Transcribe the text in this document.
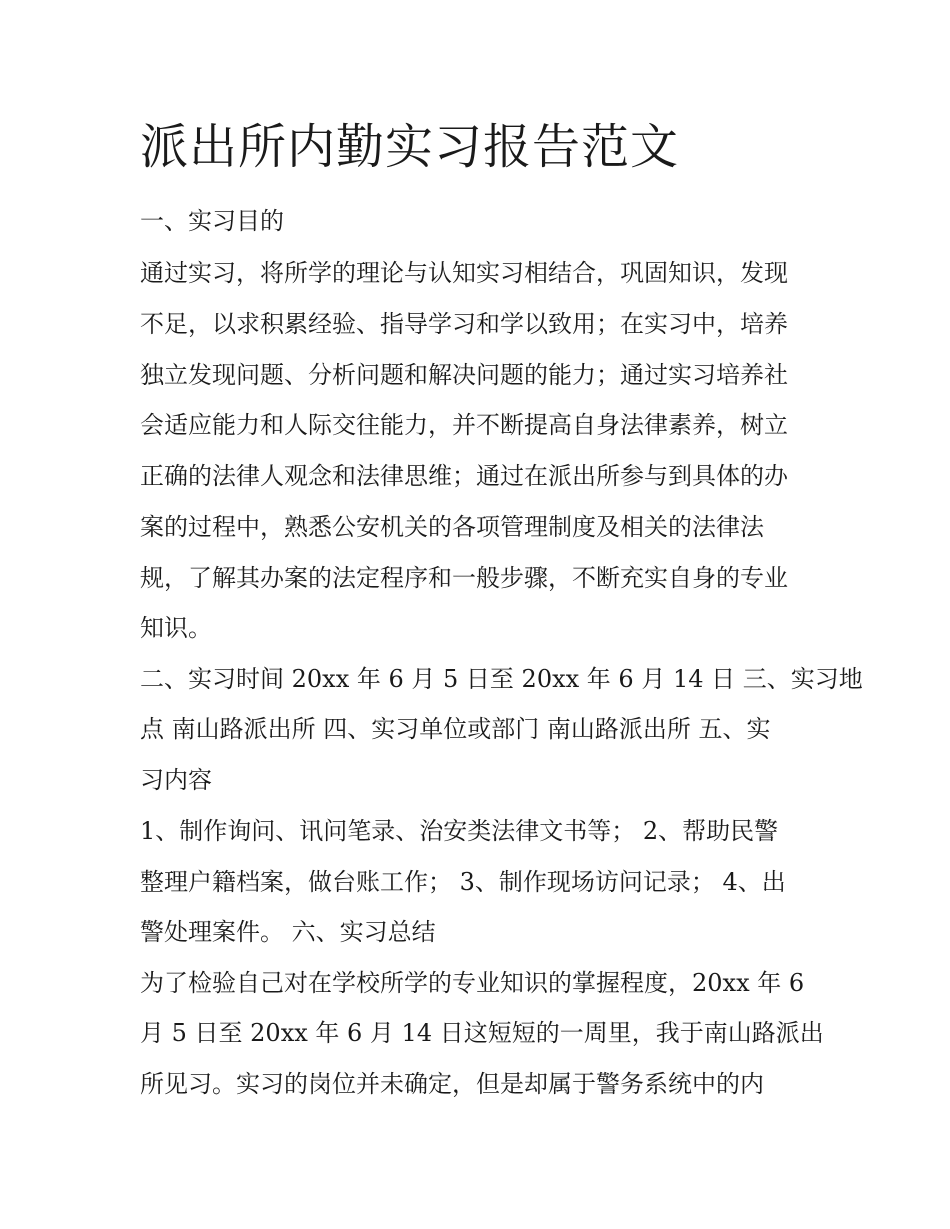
派出所内勤实习报告范文

一、实习目的

通过实习，将所学的理论与认知实习相结合，巩固知识，发现

不足，以求积累经验、指导学习和学以致用；在实习中，培养

独立发现问题、分析问题和解决问题的能力；通过实习培养社

会适应能力和人际交往能力，并不断提高自身法律素养，树立

正确的法律人观念和法律思维；通过在派出所参与到具体的办

案的过程中，熟悉公安机关的各项管理制度及相关的法律法

规，了解其办案的法定程序和一般步骤，不断充实自身的专业

知识。

二、实习时间 20xx 年 6 月 5 日至 20xx 年 6 月 14 日 三、实习地

点 南山路派出所 四、实习单位或部门 南山路派出所 五、实

习内容

1、制作询问、讯问笔录、治安类法律文书等； 2、帮助民警

整理户籍档案，做台账工作； 3、制作现场访问记录； 4、出

警处理案件。 六、实习总结

为了检验自己对在学校所学的专业知识的掌握程度，20xx 年 6

月 5 日至 20xx 年 6 月 14 日这短短的一周里，我于南山路派出

所见习。实习的岗位并未确定，但是却属于警务系统中的内
